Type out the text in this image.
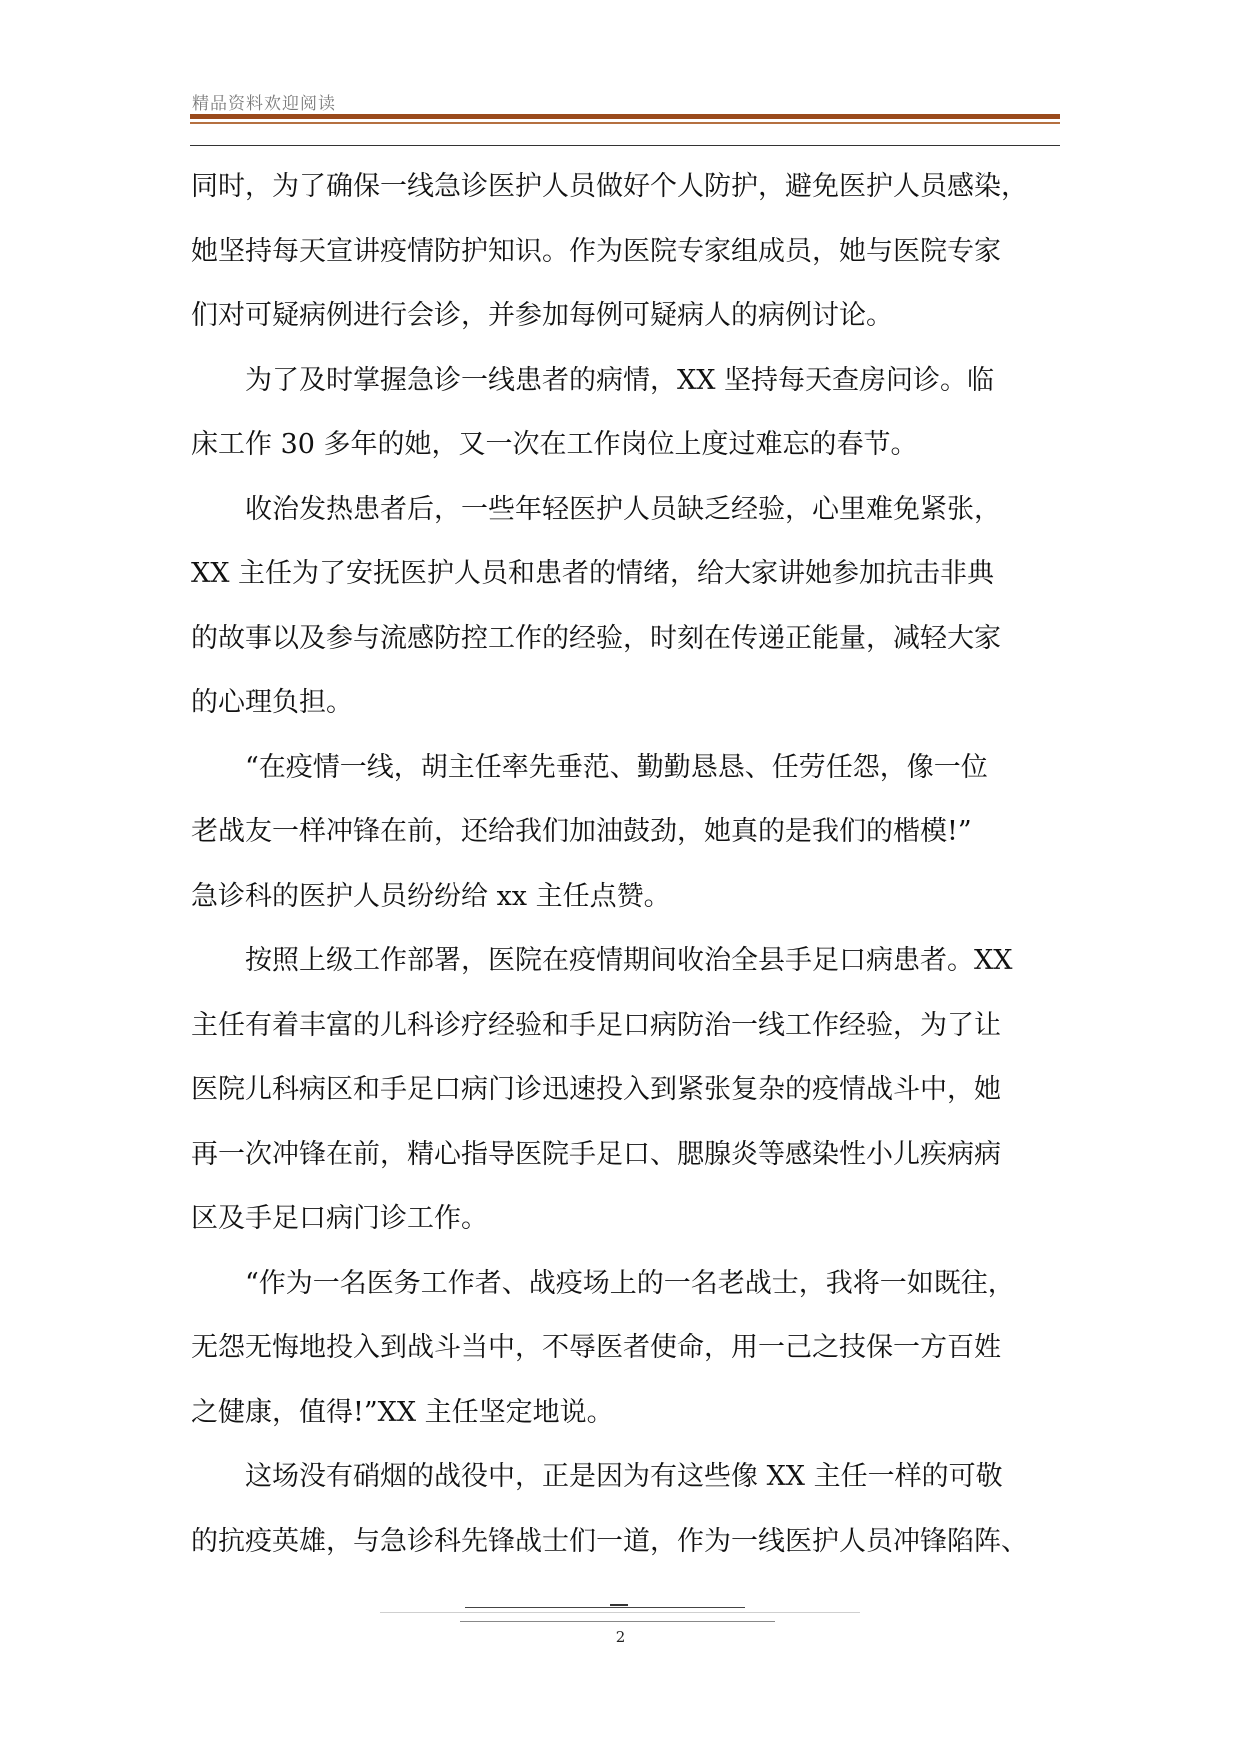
精品资料欢迎阅读
同时，为了确保一线急诊医护人员做好个人防护，避免医护人员感染，
她坚持每天宣讲疫情防护知识。作为医院专家组成员，她与医院专家
们对可疑病例进行会诊，并参加每例可疑病人的病例讨论。
为了及时掌握急诊一线患者的病情，XX 坚持每天查房问诊。临
床工作 30 多年的她，又一次在工作岗位上度过难忘的春节。
收治发热患者后，一些年轻医护人员缺乏经验，心里难免紧张，
XX 主任为了安抚医护人员和患者的情绪，给大家讲她参加抗击非典
的故事以及参与流感防控工作的经验，时刻在传递正能量，减轻大家
的心理负担。
“在疫情一线，胡主任率先垂范、勤勤恳恳、任劳任怨，像一位
老战友一样冲锋在前，还给我们加油鼓劲，她真的是我们的楷模!”
急诊科的医护人员纷纷给 xx 主任点赞。
按照上级工作部署，医院在疫情期间收治全县手足口病患者。XX
主任有着丰富的儿科诊疗经验和手足口病防治一线工作经验，为了让
医院儿科病区和手足口病门诊迅速投入到紧张复杂的疫情战斗中，她
再一次冲锋在前，精心指导医院手足口、腮腺炎等感染性小儿疾病病
区及手足口病门诊工作。
“作为一名医务工作者、战疫场上的一名老战士，我将一如既往，
无怨无悔地投入到战斗当中，不辱医者使命，用一己之技保一方百姓
之健康，值得!”XX 主任坚定地说。
这场没有硝烟的战役中，正是因为有这些像 XX 主任一样的可敬
的抗疫英雄，与急诊科先锋战士们一道，作为一线医护人员冲锋陷阵、
2
